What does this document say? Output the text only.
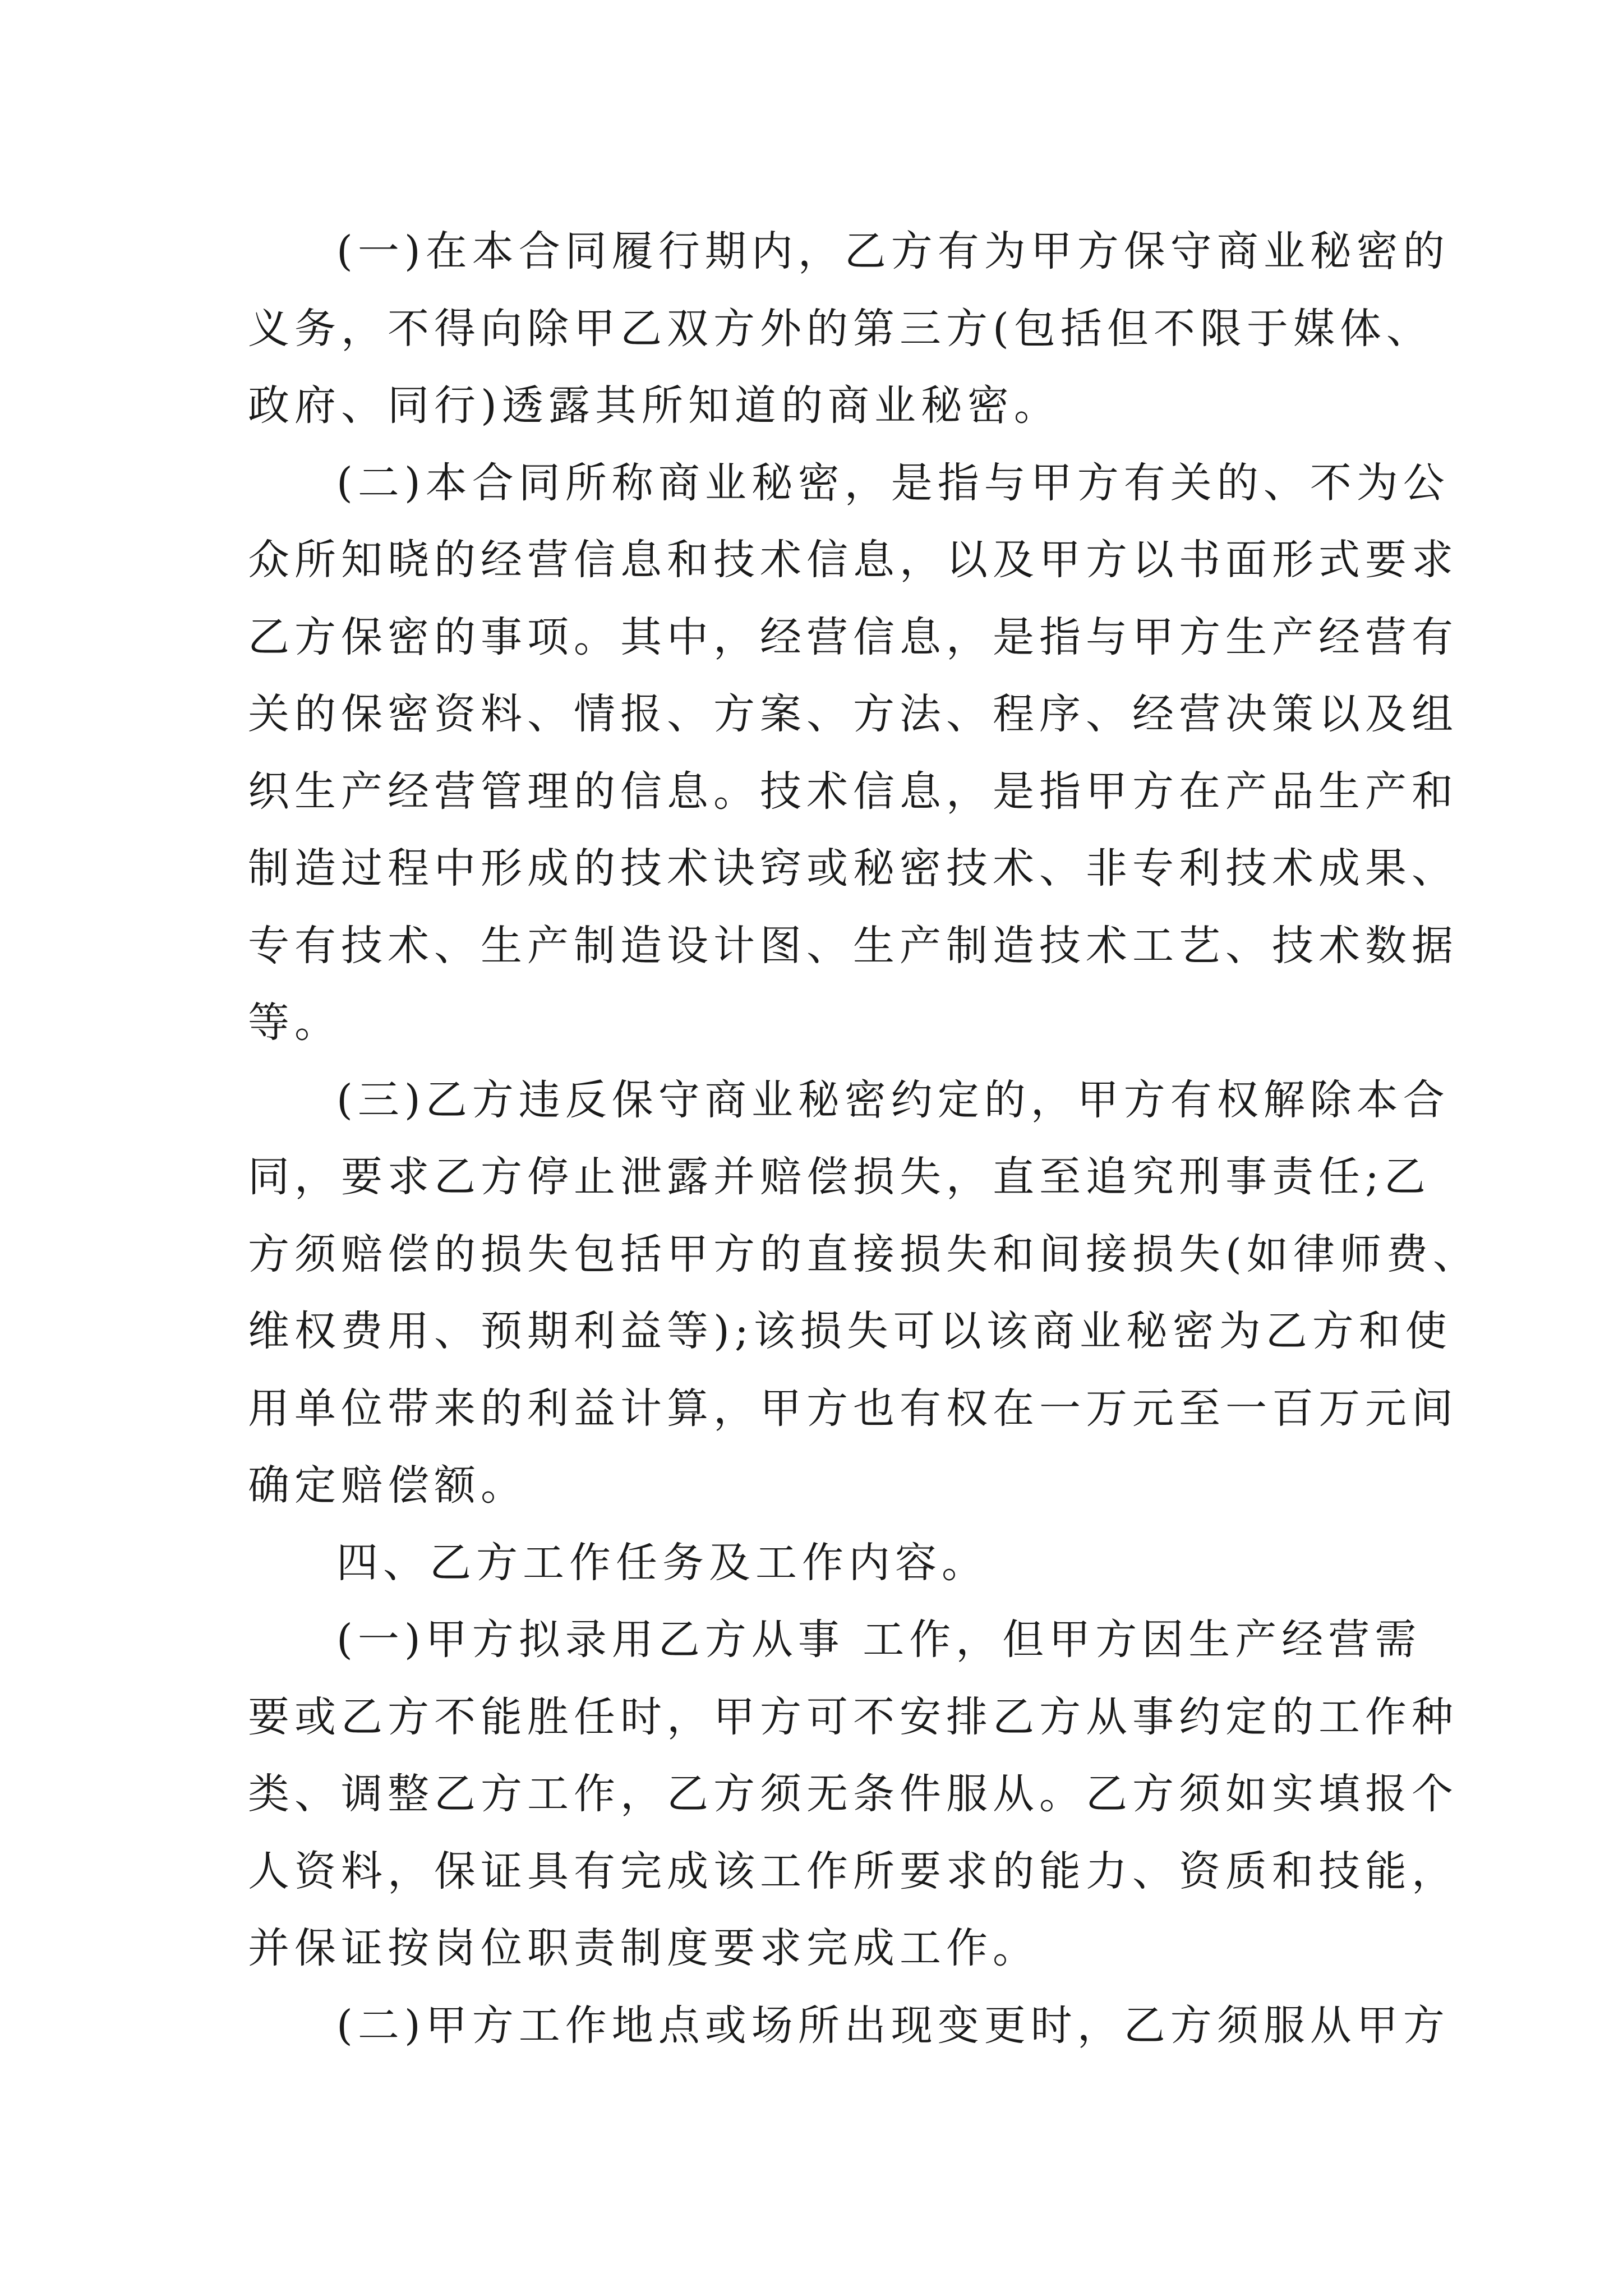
(一)在本合同履行期内，乙方有为甲方保守商业秘密的
义务，不得向除甲乙双方外的第三方(包括但不限于媒体、
政府、同行)透露其所知道的商业秘密。
(二)本合同所称商业秘密，是指与甲方有关的、不为公
众所知晓的经营信息和技术信息，以及甲方以书面形式要求
乙方保密的事项。其中，经营信息，是指与甲方生产经营有
关的保密资料、情报、方案、方法、程序、经营决策以及组
织生产经营管理的信息。技术信息，是指甲方在产品生产和
制造过程中形成的技术诀窍或秘密技术、非专利技术成果、
专有技术、生产制造设计图、生产制造技术工艺、技术数据
等。
(三)乙方违反保守商业秘密约定的，甲方有权解除本合
同，要求乙方停止泄露并赔偿损失，直至追究刑事责任;乙
方须赔偿的损失包括甲方的直接损失和间接损失(如律师费、
维权费用、预期利益等);该损失可以该商业秘密为乙方和使
用单位带来的利益计算，甲方也有权在一万元至一百万元间
确定赔偿额。
四、乙方工作任务及工作内容。
(一)甲方拟录用乙方从事 工作，但甲方因生产经营需
要或乙方不能胜任时，甲方可不安排乙方从事约定的工作种
类、调整乙方工作，乙方须无条件服从。乙方须如实填报个
人资料，保证具有完成该工作所要求的能力、资质和技能，
并保证按岗位职责制度要求完成工作。
(二)甲方工作地点或场所出现变更时，乙方须服从甲方
